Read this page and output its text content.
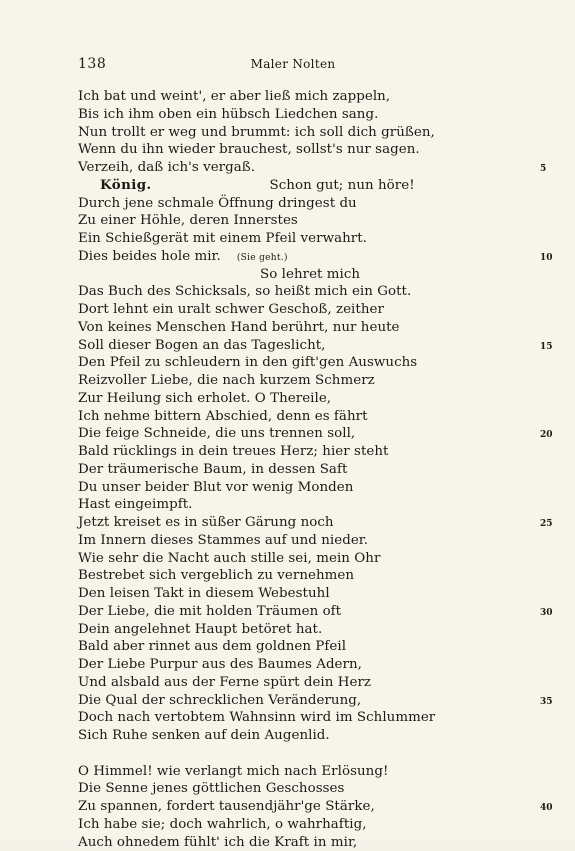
138	Maler Nolten
Ich bat und weint', er aber ließ mich zappeln,
Bis ich ihm oben ein hübsch Liedchen sang.
Nun trollt er weg und brummt: ich soll dich grüßen,
Wenn du ihn wieder brauchest, sollst's nur sagen.
Verzeih, daß ich's vergaß.	5
König.	Schon gut; nun höre!
Durch jene schmale Öffnung dringest du
Zu einer Höhle, deren Innerstes
Ein Schießgerät mit einem Pfeil verwahrt.
Dies beides hole mir. (Sie geht.)	10
So lehret mich
Das Buch des Schicksals, so heißt mich ein Gott.
Dort lehnt ein uralt schwer Geschoß, zeither
Von keines Menschen Hand berührt, nur heute
Soll dieser Bogen an das Tageslicht,	15
Den Pfeil zu schleudern in den gift'gen Auswuchs
Reizvoller Liebe, die nach kurzem Schmerz
Zur Heilung sich erholet. O Thereile,
Ich nehme bittern Abschied, denn es fährt
Die feige Schneide, die uns trennen soll,	20
Bald rücklings in dein treues Herz; hier steht
Der träumerische Baum, in dessen Saft
Du unser beider Blut vor wenig Monden
Hast eingeimpft.
Jetzt kreiset es in süßer Gärung noch	25
Im Innern dieses Stammes auf und nieder.
Wie sehr die Nacht auch stille sei, mein Ohr
Bestrebet sich vergeblich zu vernehmen
Den leisen Takt in diesem Webestuhl
Der Liebe, die mit holden Träumen oft	30
Dein angelehnet Haupt betöret hat.
Bald aber rinnet aus dem goldnen Pfeil
Der Liebe Purpur aus des Baumes Adern,
Und alsbald aus der Ferne spürt dein Herz
Die Qual der schrecklichen Veränderung,	35
Doch nach vertobtem Wahnsinn wird im Schlummer
Sich Ruhe senken auf dein Augenlid.
O Himmel! wie verlangt mich nach Erlösung!
Die Senne jenes göttlichen Geschosses
Zu spannen, fordert tausendjähr'ge Stärke,	40
Ich habe sie; doch wahrlich, o wahrhaftig,
Auch ohnedem fühlt' ich die Kraft in mir,
